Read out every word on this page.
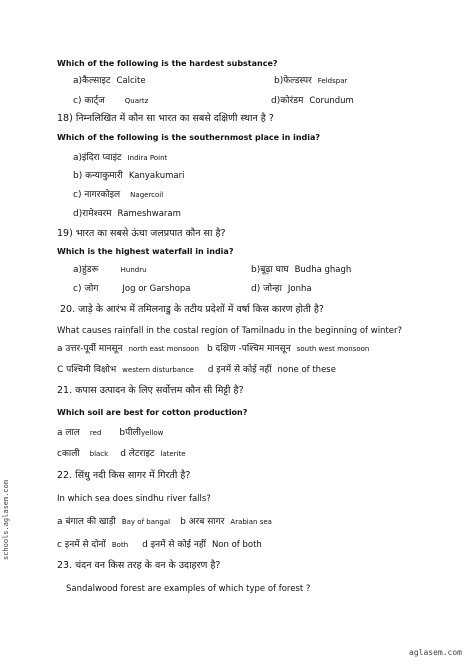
Which of the following is the hardest substance?
a)कैल्साइट Calcite	b)फेल्डस्पर Feldspar
c) कार्ट्ज	Quartz	d)कोरंडम Corundum
18) निम्नलिखित में कौन सा भारत का सबसे दक्षिणी स्थान है ?
Which of the following is the southernmost place in india?
a)इंदिरा प्वाइंट Indira Point
b) कन्याकुमारी Kanyakumari
c) नागरकोइल Nagercoil
d)रामेश्वरम Rameshwaram
19) भारत का सबसे ऊंचा जलप्रपात कौन सा है?
Which is the highest waterfall in india?
a)हुंडरू	Hundru	b)बूढ़ा घाघ Budha ghagh
c) जोग	Jog or Garshopa	d) जोन्हा Jonha
20. जाड़े के आरंभ में तमिलनाडु के तटीय प्रदेशों में वर्षा किस कारण होती है?
What causes rainfall in the costal region of Tamilnadu in the beginning of winter?
a उत्तर-पूर्वी मानसून north east monsoon b दक्षिण -पश्चिम मानसून south west monsoon
C पश्चिमी विक्षोभ western disturbance d इनमें से कोई नहीं none of these
21. कपास उत्पादन के लिए सर्वोत्तम कौन सी मिट्टी है?
Which soil are best for cotton production?
a लाल red bपीलीyellow
cकाली black d लेटराइट laterite
22. सिंधु नदी किस सागर में गिरती है?
In which sea does sindhu river falls?
a बंगाल की खाड़ी Bay of bangal b अरब सागर Arabian sea
c इनमें से दोनों Both d इनमें से कोई नहीं Non of both
23. चंदन वन किस तरह के वन के उदाहरण है?
Sandalwood forest are examples of which type of forest ?
schools.aglasem.com
aglasem.com
